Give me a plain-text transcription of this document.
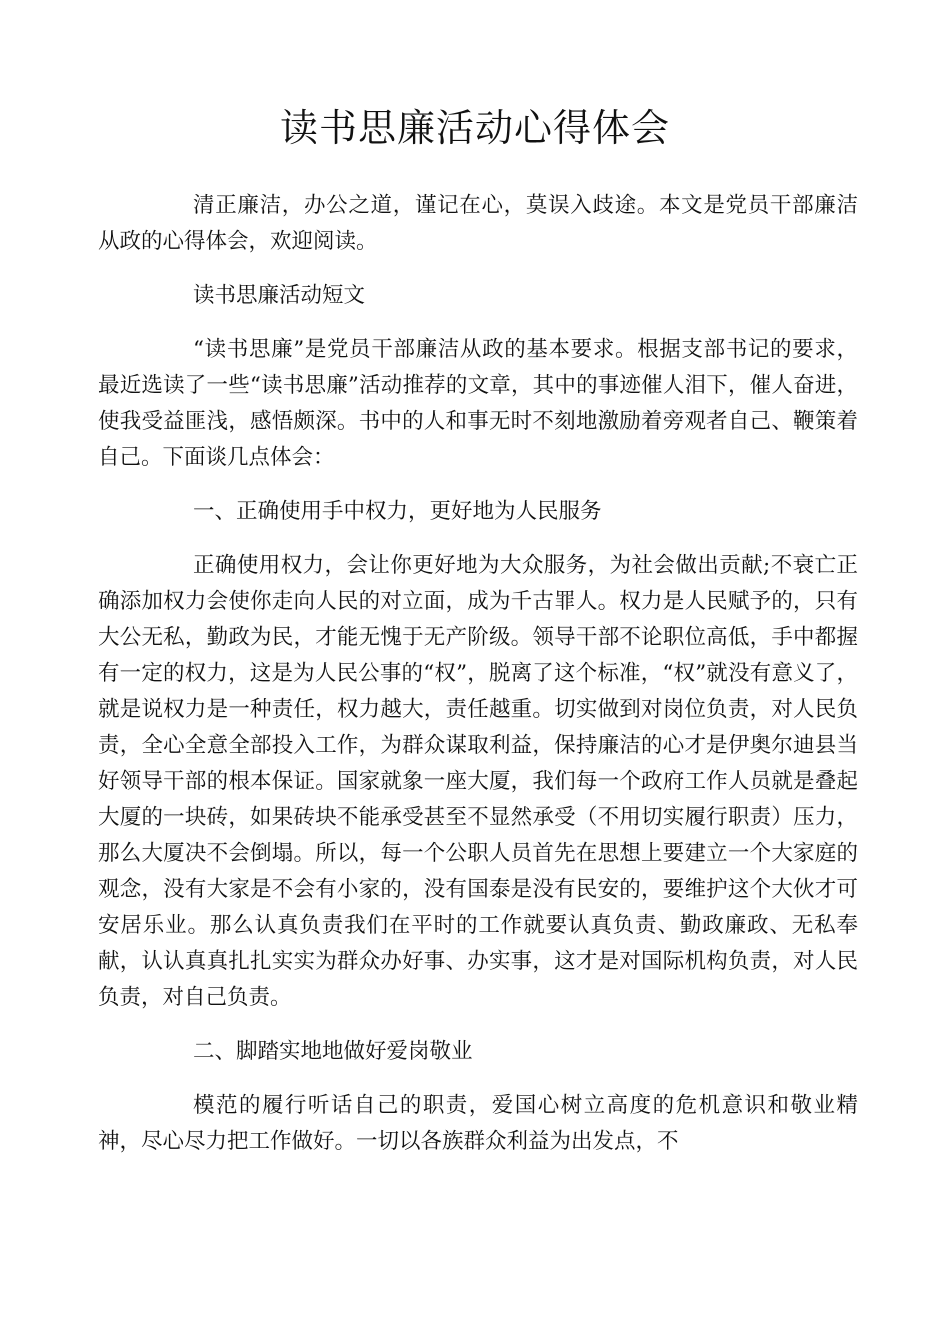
读书思廉活动心得体会

清正廉洁，办公之道，谨记在心，莫误入歧途。本文是党员干部廉洁从政的心得体会，欢迎阅读。

读书思廉活动短文

“读书思廉”是党员干部廉洁从政的基本要求。根据支部书记的要求，最近选读了一些“读书思廉”活动推荐的文章，其中的事迹催人泪下，催人奋进，使我受益匪浅，感悟颇深。书中的人和事无时不刻地激励着旁观者自己、鞭策着自己。下面谈几点体会：

一、正确使用手中权力，更好地为人民服务

正确使用权力，会让你更好地为大众服务，为社会做出贡献;不衰亡正确添加权力会使你走向人民的对立面，成为千古罪人。权力是人民赋予的，只有大公无私，勤政为民，才能无愧于无产阶级。领导干部不论职位高低，手中都握有一定的权力，这是为人民公事的“权”，脱离了这个标准，“权”就没有意义了，就是说权力是一种责任，权力越大，责任越重。切实做到对岗位负责，对人民负责，全心全意全部投入工作，为群众谋取利益，保持廉洁的心才是伊奥尔迪县当好领导干部的根本保证。国家就象一座大厦，我们每一个政府工作人员就是叠起大厦的一块砖，如果砖块不能承受甚至不显然承受（不用切实履行职责）压力，那么大厦决不会倒塌。所以，每一个公职人员首先在思想上要建立一个大家庭的观念，没有大家是不会有小家的，没有国泰是没有民安的，要维护这个大伙才可安居乐业。那么认真负责我们在平时的工作就要认真负责、勤政廉政、无私奉献，认认真真扎扎实实为群众办好事、办实事，这才是对国际机构负责，对人民负责，对自己负责。

二、脚踏实地地做好爱岗敬业

模范的履行听话自己的职责，爱国心树立高度的危机意识和敬业精神，尽心尽力把工作做好。一切以各族群众利益为出发点，不
